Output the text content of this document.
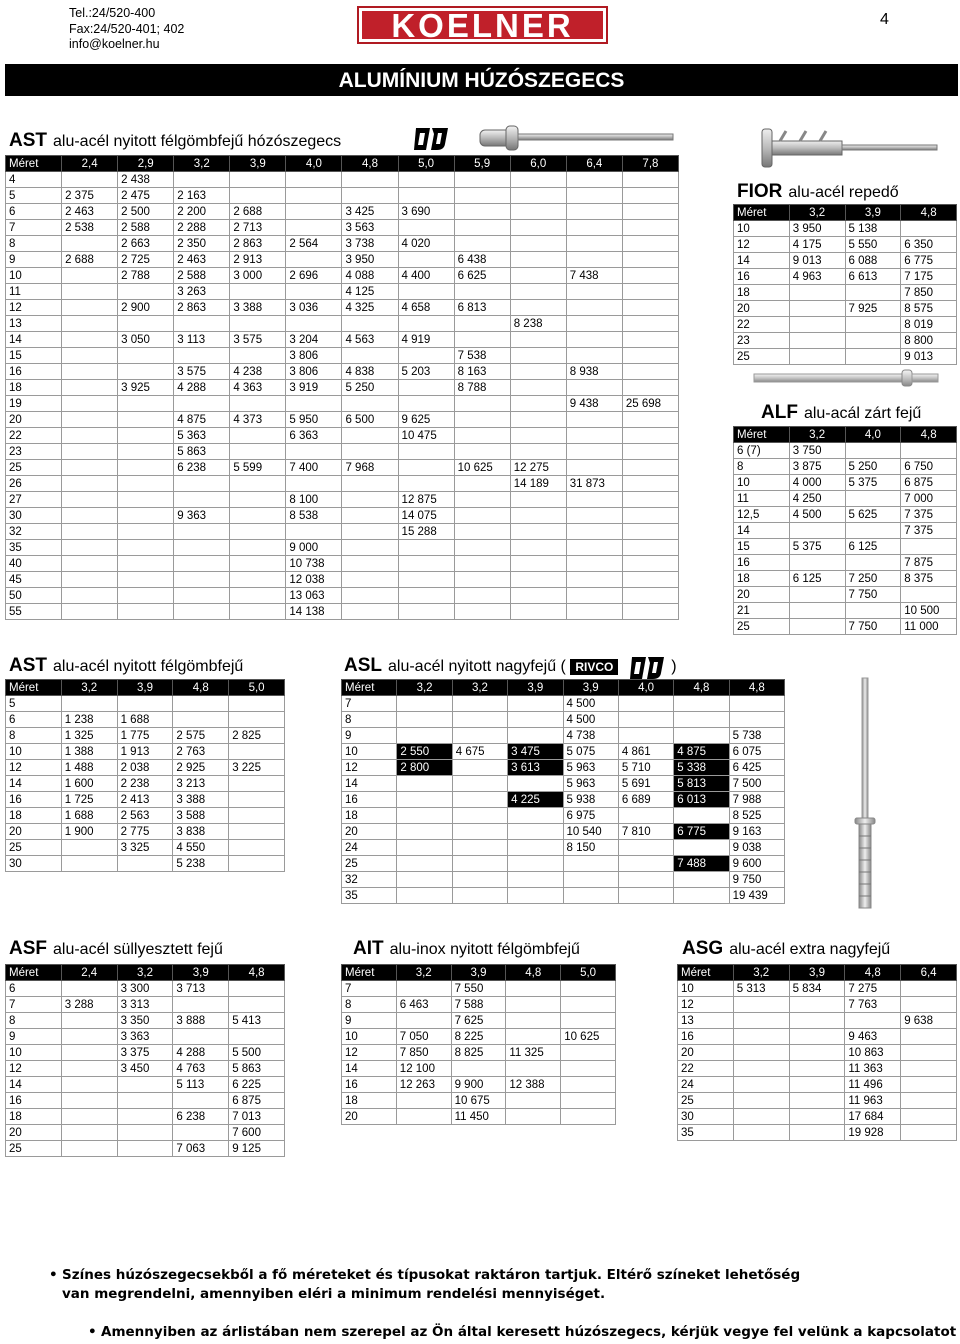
Tel.:24/520-400
Fax:24/520-401; 402
info@koelner.hu
KOELNER	4
ALUMÍNIUM HÚZÓSZEGECS
AST alu-acél nyitott félgömbfejű hózószegecs
Méret	2,4	2,9	3,2	3,9	4,0	4,8	5,0	5,9	6,0	6,4	7,8
4		2 438									
5	2 375	2 475	2 163								
6	2 463	2 500	2 200	2 688		3 425	3 690				
7	2 538	2 588	2 288	2 713		3 563					
8		2 663	2 350	2 863	2 564	3 738	4 020				
9	2 688	2 725	2 463	2 913		3 950		6 438			
10		2 788	2 588	3 000	2 696	4 088	4 400	6 625		7 438	
11			3 263			4 125					
12		2 900	2 863	3 388	3 036	4 325	4 658	6 813			
13									8 238		
14		3 050	3 113	3 575	3 204	4 563	4 919				
15					3 806			7 538			
16			3 575	4 238	3 806	4 838	5 203	8 163		8 938	
18		3 925	4 288	4 363	3 919	5 250		8 788			
19										9 438	25 698
20			4 875	4 373	5 950	6 500	9 625				
22			5 363		6 363		10 475				
23			5 863								
25			6 238	5 599	7 400	7 968		10 625	12 275		
26									14 189	31 873	
27					8 100		12 875				
30			9 363		8 538		14 075				
32							15 288				
35					9 000						
40					10 738						
45					12 038						
50					13 063						
55					14 138						
FIOR alu-acél repedő
Méret	3,2	3,9	4,8
10	3 950	5 138	
12	4 175	5 550	6 350
14	9 013	6 088	6 775
16	4 963	6 613	7 175
18			7 850
20		7 925	8 575
22			8 019
23			8 800
25			9 013
ALF alu-acál zárt fejű
Méret	3,2	4,0	4,8
6 (7)	3 750		
8	3 875	5 250	6 750
10	4 000	5 375	6 875
11	4 250		7 000
12,5	4 500	5 625	7 375
14			7 375
15	5 375	6 125	
16			7 875
18	6 125	7 250	8 375
20		7 750	
21			10 500
25		7 750	11 000
AST alu-acél nyitott félgömbfejű
Méret	3,2	3,9	4,8	5,0
5				
6	1 238	1 688		
8	1 325	1 775	2 575	2 825
10	1 388	1 913	2 763	
12	1 488	2 038	2 925	3 225
14	1 600	2 238	3 213	
16	1 725	2 413	3 388	
18	1 688	2 563	3 588	
20	1 900	2 775	3 838	
25		3 325	4 550	
30			5 238	
ASL alu-acél nyitott nagyfejű ( RIVCO	)
Méret	3,2	3,2	3,9	3,9	4,0	4,8	4,8
7				4 500			
8				4 500			
9				4 738			5 738
10	2 550	4 675	3 475	5 075	4 861	4 875	6 075
12	2 800		3 613	5 963	5 710	5 338	6 425
14				5 963	5 691	5 813	7 500
16			4 225	5 938	6 689	6 013	7 988
18				6 975			8 525
20				10 540	7 810	6 775	9 163
24				8 150			9 038
25						7 488	9 600
32							9 750
35							19 439
ASF alu-acél süllyesztett fejű
Méret	2,4	3,2	3,9	4,8
6		3 300	3 713	
7	3 288	3 313		
8		3 350	3 888	5 413
9		3 363		
10		3 375	4 288	5 500
12		3 450	4 763	5 863
14			5 113	6 225
16				6 875
18			6 238	7 013
20				7 600
25			7 063	9 125
AIT alu-inox nyitott félgömbfejű
Méret	3,2	3,9	4,8	5,0
7		7 550		
8	6 463	7 588		
9		7 625		
10	7 050	8 225		10 625
12	7 850	8 825	11 325	
14	12 100			
16	12 263	9 900	12 388	
18		10 675		
20		11 450		
ASG alu-acél extra nagyfejű
Méret	3,2	3,9	4,8	6,4
10	5 313	5 834	7 275	
12			7 763	
13				9 638
16			9 463	
20			10 863	
22			11 363	
24			11 496	
25			11 963	
30			17 684	
35			19 928	
• Színes húzószegecsekből a fő méreteket és típusokat raktáron tartjuk. Eltérő színeket lehetőség van megrendelni, amennyiben eléri a minimum rendelési mennyiséget.
• Amennyiben az árlistában nem szerepel az Ön által keresett húzószegecs, kérjük vegye fel velünk a kapcsolatot
